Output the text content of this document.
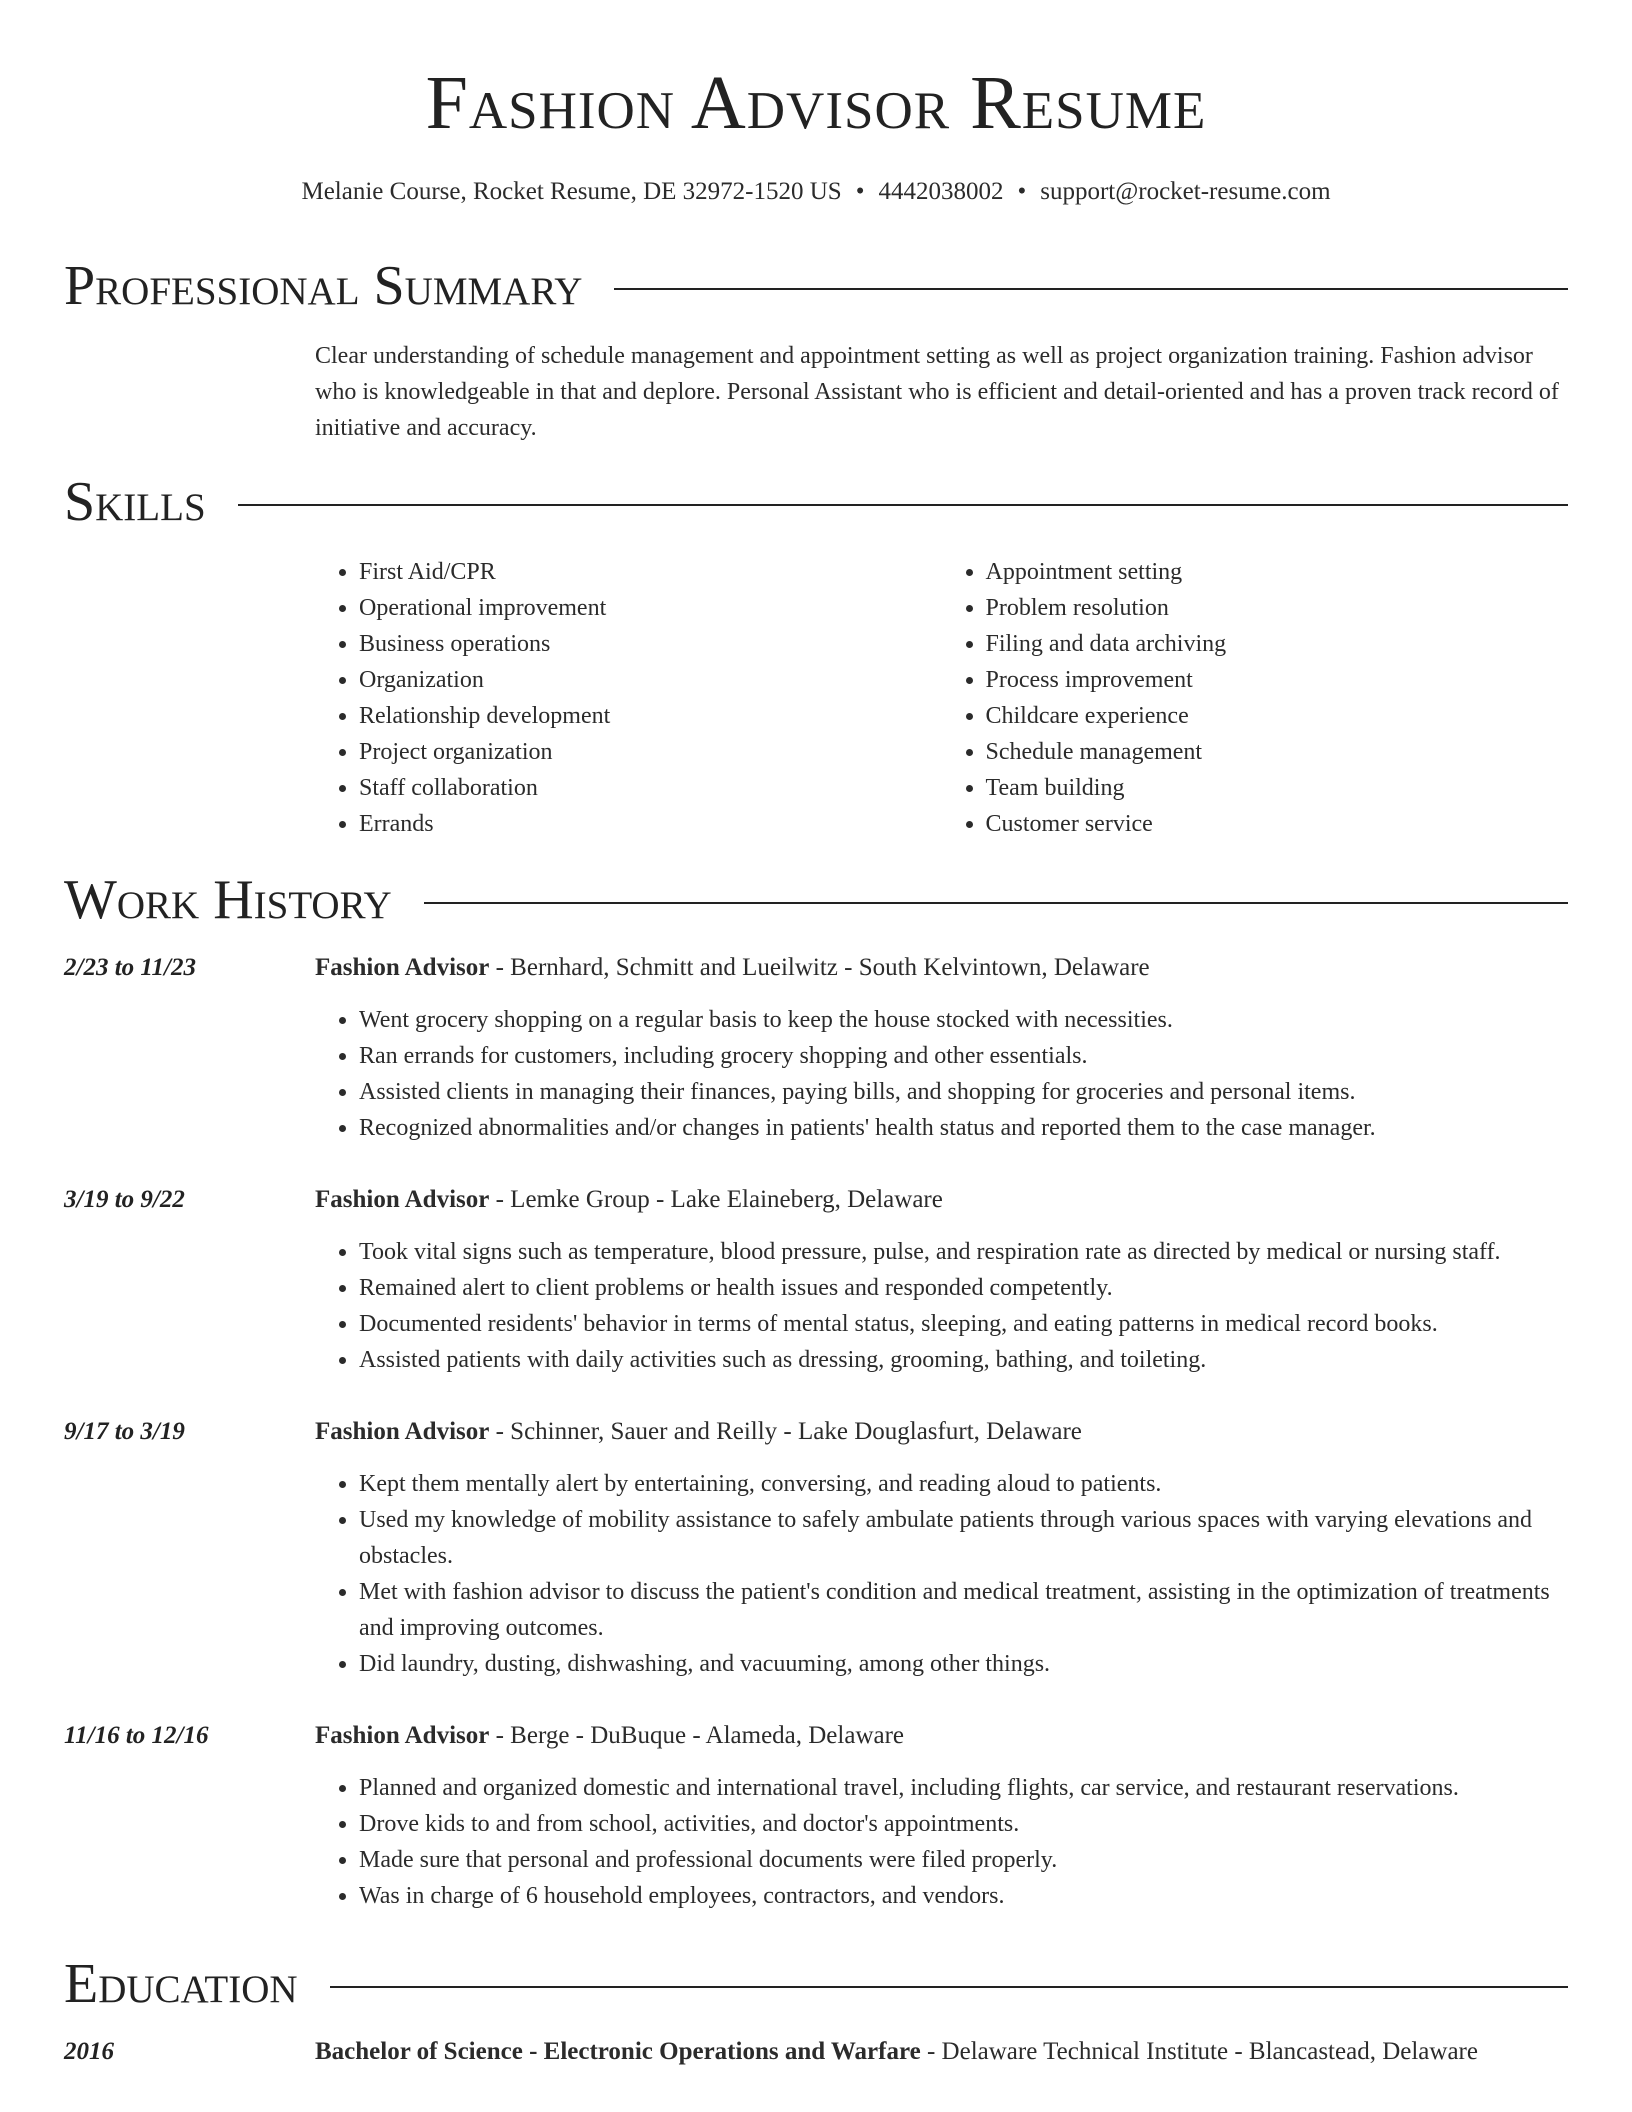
Fashion Advisor Resume
Melanie Course, Rocket Resume, DE 32972-1520 US • 4442038002 • support@rocket-resume.com
Professional Summary

Clear understanding of schedule management and appointment setting as well as project organization training. Fashion advisor who is knowledgeable in that and deplore. Personal Assistant who is efficient and detail-oriented and has a proven track record of initiative and accuracy.

Skills
• First Aid/CPR
• Operational improvement
• Business operations
• Organization
• Relationship development
• Project organization
• Staff collaboration
• Errands
• Appointment setting
• Problem resolution
• Filing and data archiving
• Process improvement
• Childcare experience
• Schedule management
• Team building
• Customer service
Work History
2/23 to 11/23	Fashion Advisor - Bernhard, Schmitt and Lueilwitz - South Kelvintown, Delaware
• Went grocery shopping on a regular basis to keep the house stocked with necessities.
• Ran errands for customers, including grocery shopping and other essentials.
• Assisted clients in managing their finances, paying bills, and shopping for groceries and personal items.
• Recognized abnormalities and/or changes in patients' health status and reported them to the case manager.
3/19 to 9/22	Fashion Advisor - Lemke Group - Lake Elaineberg, Delaware
• Took vital signs such as temperature, blood pressure, pulse, and respiration rate as directed by medical or nursing staff.
• Remained alert to client problems or health issues and responded competently.
• Documented residents' behavior in terms of mental status, sleeping, and eating patterns in medical record books.
• Assisted patients with daily activities such as dressing, grooming, bathing, and toileting.
9/17 to 3/19	Fashion Advisor - Schinner, Sauer and Reilly - Lake Douglasfurt, Delaware
• Kept them mentally alert by entertaining, conversing, and reading aloud to patients.
• Used my knowledge of mobility assistance to safely ambulate patients through various spaces with varying elevations and obstacles.
• Met with fashion advisor to discuss the patient's condition and medical treatment, assisting in the optimization of treatments and improving outcomes.
• Did laundry, dusting, dishwashing, and vacuuming, among other things.
11/16 to 12/16	Fashion Advisor - Berge - DuBuque - Alameda, Delaware
• Planned and organized domestic and international travel, including flights, car service, and restaurant reservations.
• Drove kids to and from school, activities, and doctor's appointments.
• Made sure that personal and professional documents were filed properly.
• Was in charge of 6 household employees, contractors, and vendors.
Education
2016	Bachelor of Science - Electronic Operations and Warfare - Delaware Technical Institute - Blancastead, Delaware
